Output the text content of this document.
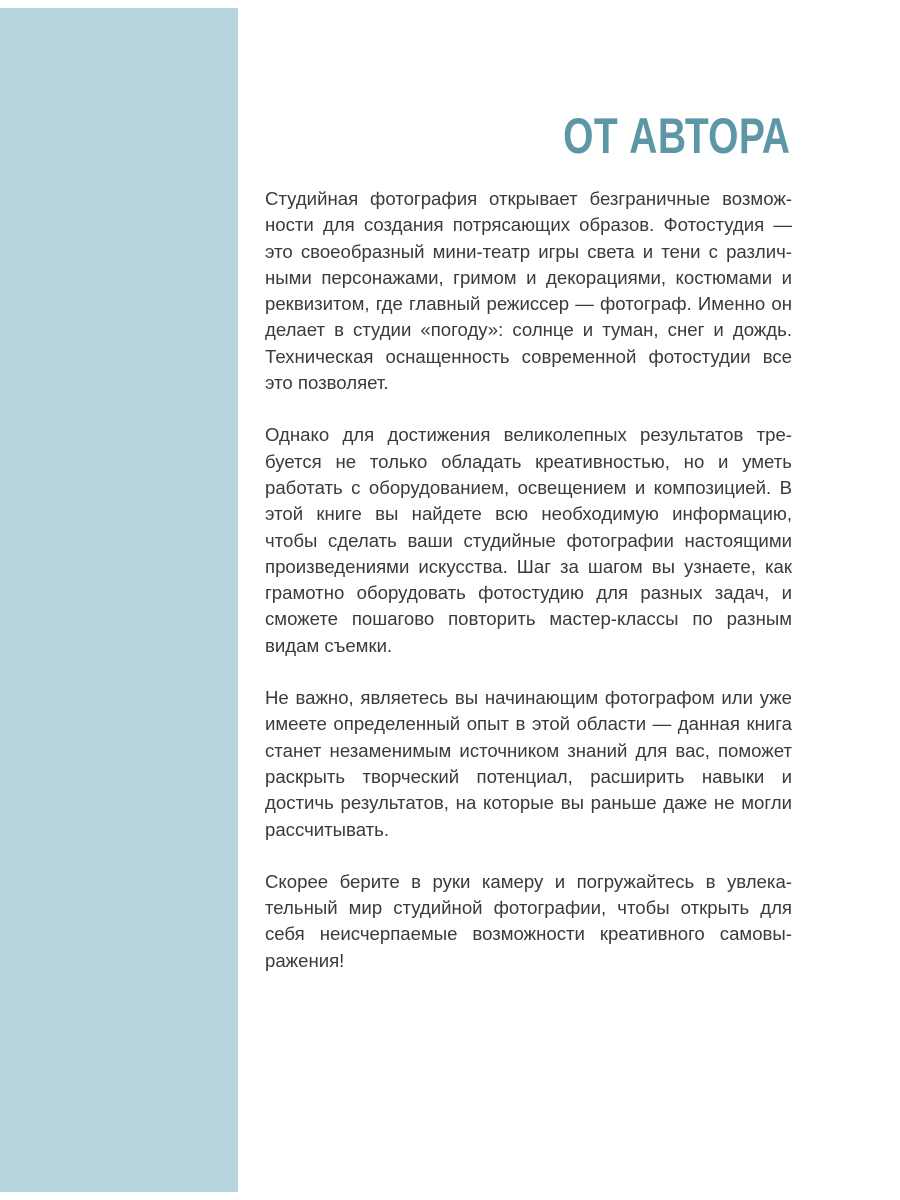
ОТ АВТОРА

Студийная фотография открывает безграничные возможности для создания потрясающих образов. Фотостудия — это своеобразный мини-театр игры света и тени с различными персонажами, гримом и декорациями, костюмами и реквизитом, где главный режиссер — фотограф. Именно он делает в студии «погоду»: солнце и туман, снег и дождь. Техническая оснащенность современной фотостудии все это позволяет.

Однако для достижения великолепных результатов требуется не только обладать креативностью, но и уметь работать с оборудованием, освещением и композицией. В этой книге вы найдете всю необходимую информацию, чтобы сделать ваши студийные фотографии настоящими произведениями искусства. Шаг за шагом вы узнаете, как грамотно оборудовать фотостудию для разных задач, и сможете пошагово повторить мастер-классы по разным видам съемки.

Не важно, являетесь вы начинающим фотографом или уже имеете определенный опыт в этой области — данная книга станет незаменимым источником знаний для вас, поможет раскрыть творческий потенциал, расширить навыки и достичь результатов, на которые вы раньше даже не могли рассчитывать.

Скорее берите в руки камеру и погружайтесь в увлекательный мир студийной фотографии, чтобы открыть для себя неисчерпаемые возможности креативного самовыражения!
